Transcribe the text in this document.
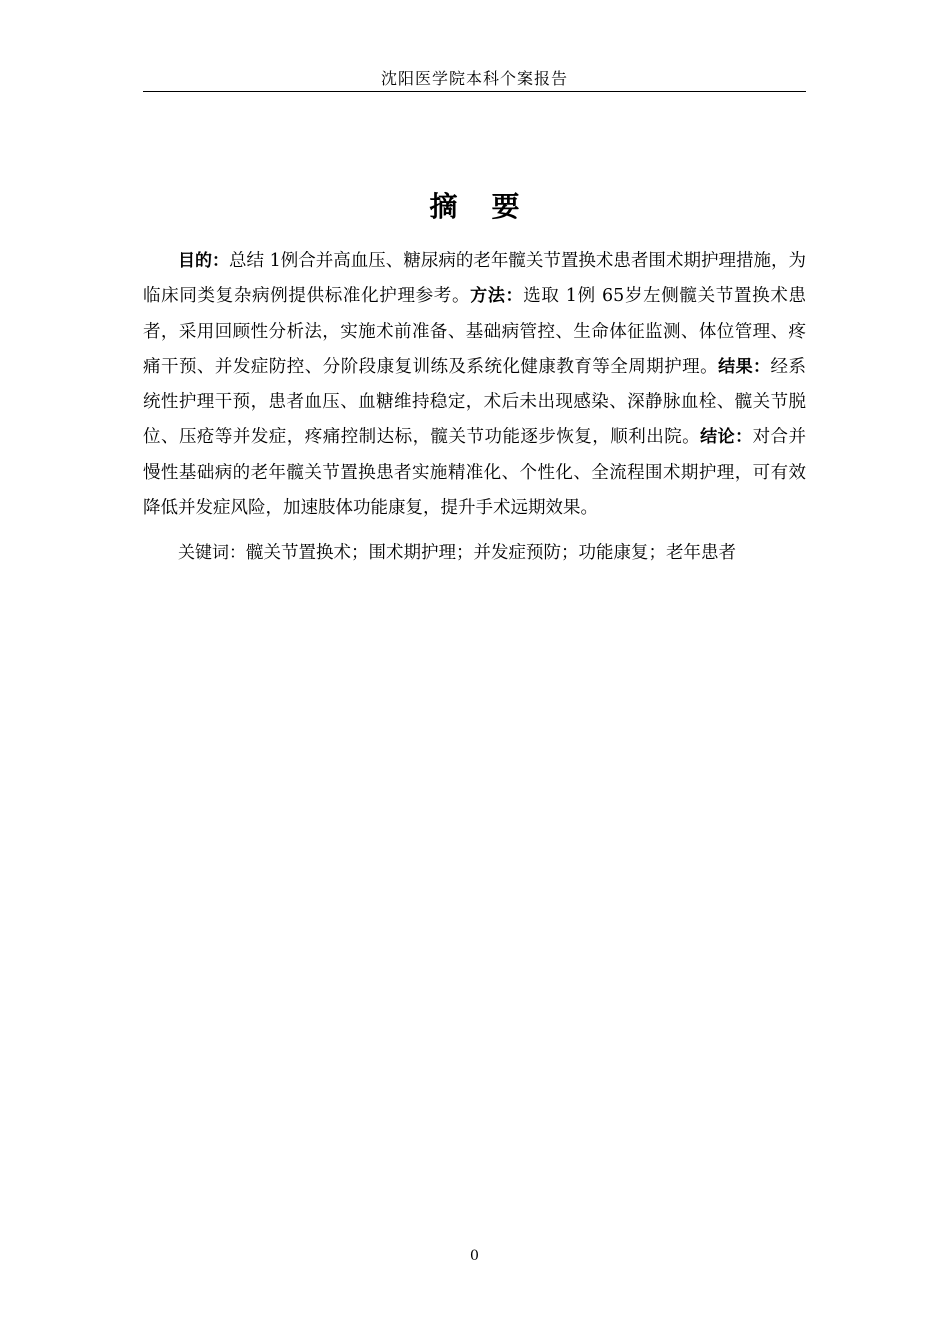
沈阳医学院本科个案报告
摘 要

目的：总结 1例合并高血压、糖尿病的老年髋关节置换术患者围术期护理措施，为临床同类复杂病例提供标准化护理参考。方法：选取 1例 65岁左侧髋关节置换术患者，采用回顾性分析法，实施术前准备、基础病管控、生命体征监测、体位管理、疼痛干预、并发症防控、分阶段康复训练及系统化健康教育等全周期护理。结果：经系统性护理干预，患者血压、血糖维持稳定，术后未出现感染、深静脉血栓、髋关节脱位、压疮等并发症，疼痛控制达标，髋关节功能逐步恢复，顺利出院。结论：对合并慢性基础病的老年髋关节置换患者实施精准化、个性化、全流程围术期护理，可有效降低并发症风险，加速肢体功能康复，提升手术远期效果。

关键词：髋关节置换术；围术期护理；并发症预防；功能康复；老年患者

0
